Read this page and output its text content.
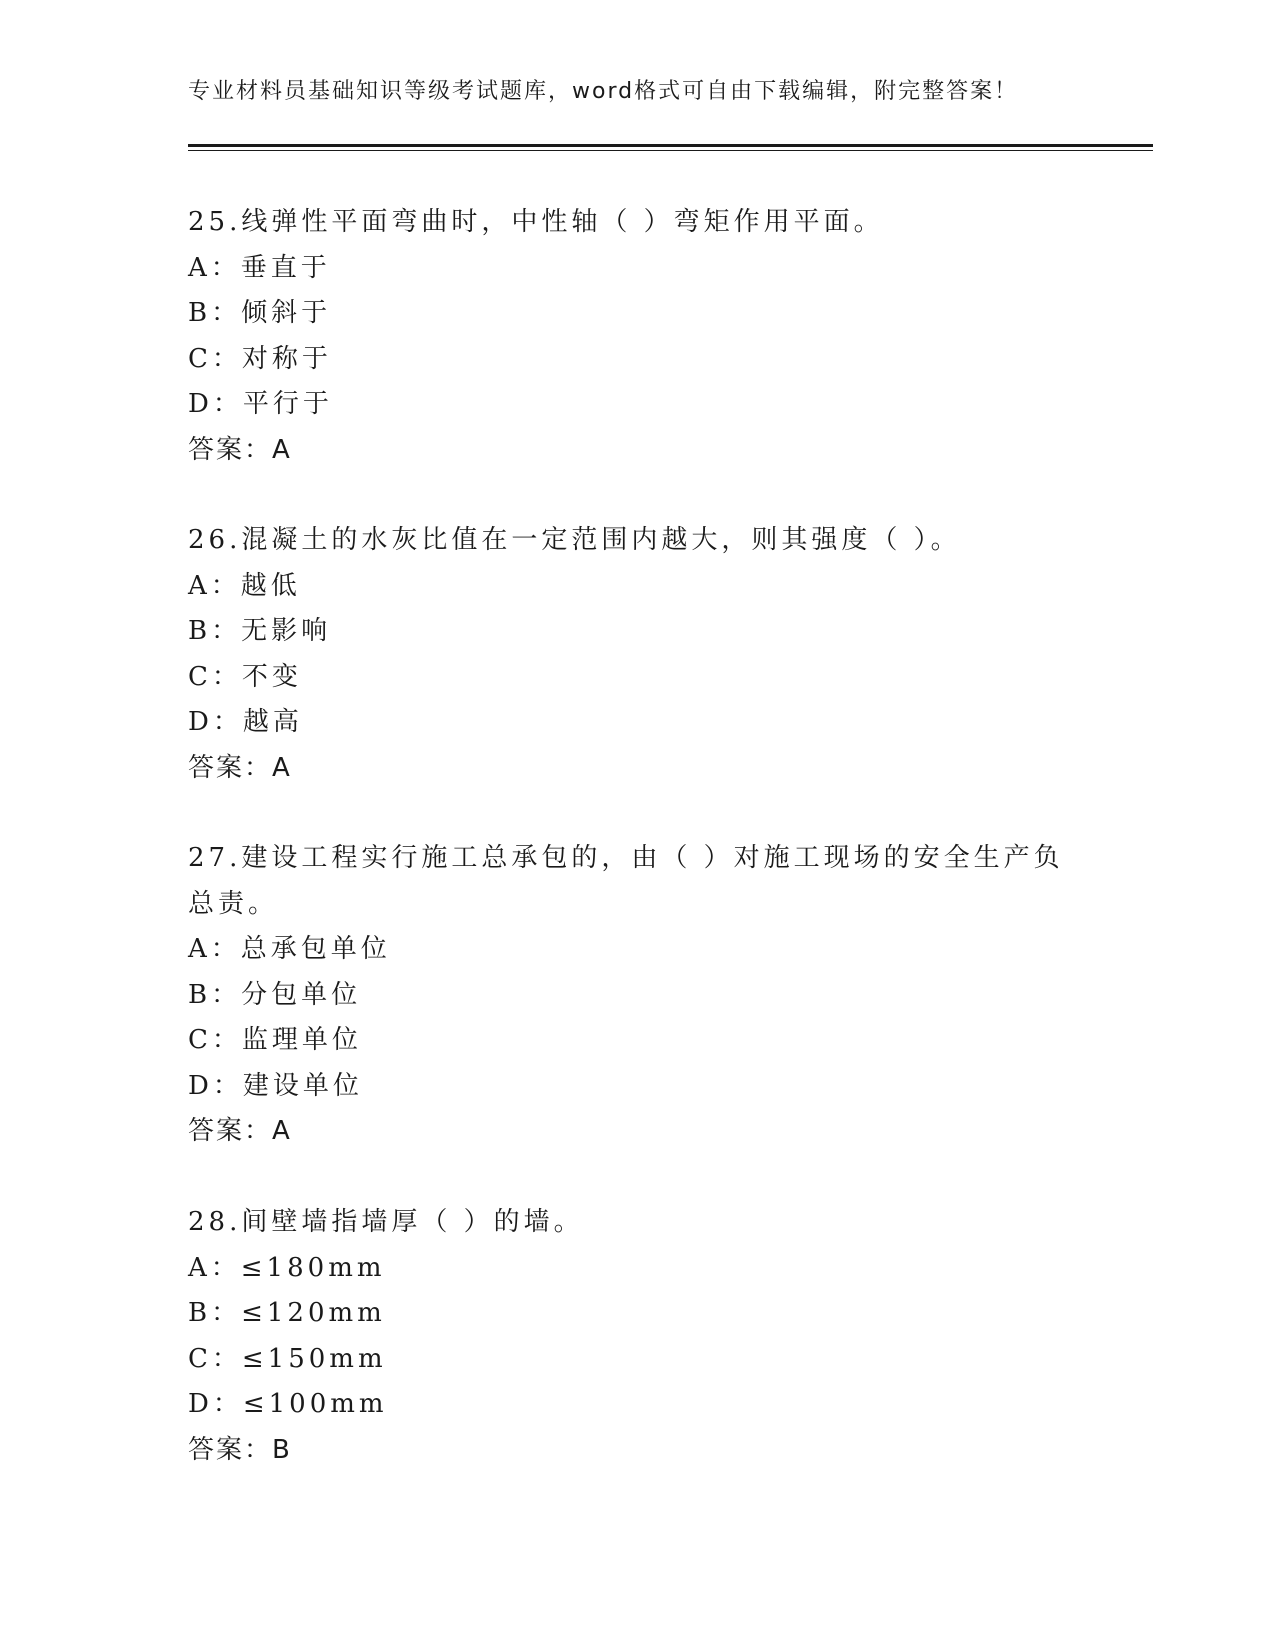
专业材料员基础知识等级考试题库，word格式可自由下载编辑，附完整答案！
25.线弹性平面弯曲时，中性轴（ ）弯矩作用平面。
A：垂直于
B：倾斜于
C：对称于
D：平行于
答案：A
26.混凝土的水灰比值在一定范围内越大，则其强度（ ）。
A：越低
B：无影响
C：不变
D：越高
答案：A
27.建设工程实行施工总承包的，由（ ）对施工现场的安全生产负总责。
A：总承包单位
B：分包单位
C：监理单位
D：建设单位
答案：A
28.间壁墙指墙厚（ ）的墙。
A：≤180mm
B：≤120mm
C：≤150mm
D：≤100mm
答案：B
